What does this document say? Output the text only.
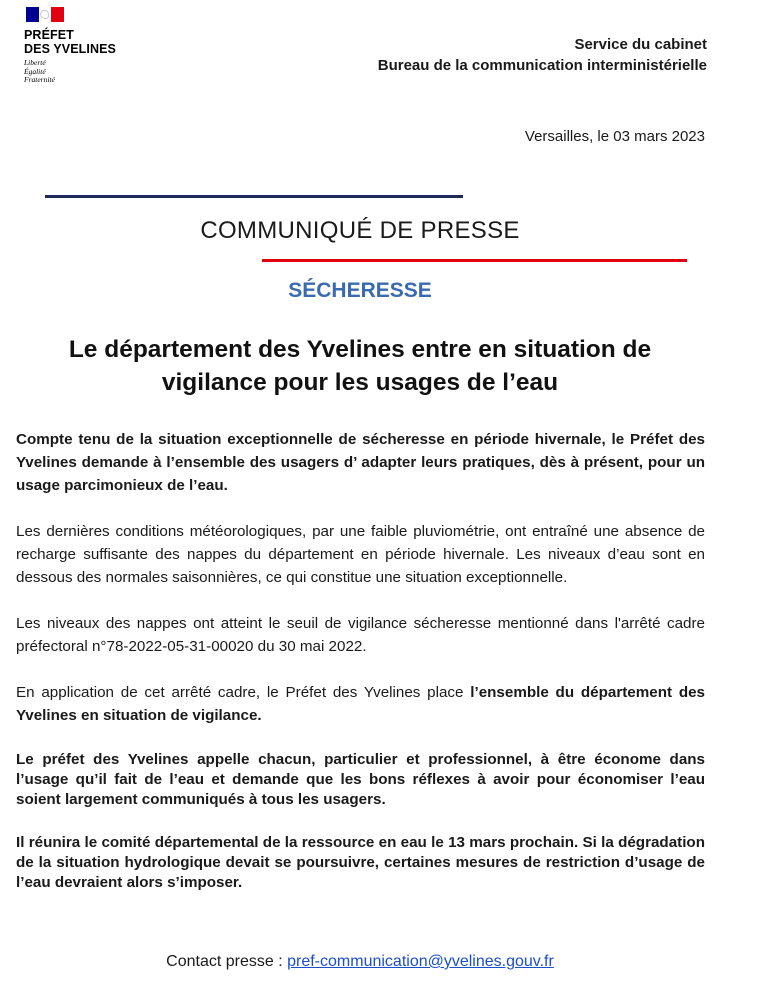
PRÉFET
DES YVELINES
Liberté
Égalité
Fraternité
Service du cabinet
Bureau de la communication interministérielle
Versailles, le 03 mars 2023
COMMUNIQUÉ DE PRESSE
SÉCHERESSE
Le département des Yvelines entre en situation de
vigilance pour les usages de l’eau

Compte tenu de la situation exceptionnelle de sécheresse en période hivernale, le Préfet des Yvelines demande à l’ensemble des usagers d’ adapter leurs pratiques, dès à présent, pour un usage parcimonieux de l’eau.

Les dernières conditions météorologiques, par une faible pluviométrie, ont entraîné une absence de recharge suffisante des nappes du département en période hivernale. Les niveaux d’eau sont en dessous des normales saisonnières, ce qui constitue une situation exceptionnelle.

Les niveaux des nappes ont atteint le seuil de vigilance sécheresse mentionné dans l'arrêté cadre préfectoral n°78-2022-05-31-00020 du 30 mai 2022.

En application de cet arrêté cadre, le Préfet des Yvelines place l’ensemble du département des Yvelines en situation de vigilance.

Le préfet des Yvelines appelle chacun, particulier et professionnel, à être économe dans l’usage qu’il fait de l’eau et demande que les bons réflexes à avoir pour économiser l’eau soient largement communiqués à tous les usagers.

Il réunira le comité départemental de la ressource en eau le 13 mars prochain. Si la dégradation de la situation hydrologique devait se poursuivre, certaines mesures de restriction d’usage de l’eau devraient alors s’imposer.

Contact presse : pref-communication@yvelines.gouv.fr
